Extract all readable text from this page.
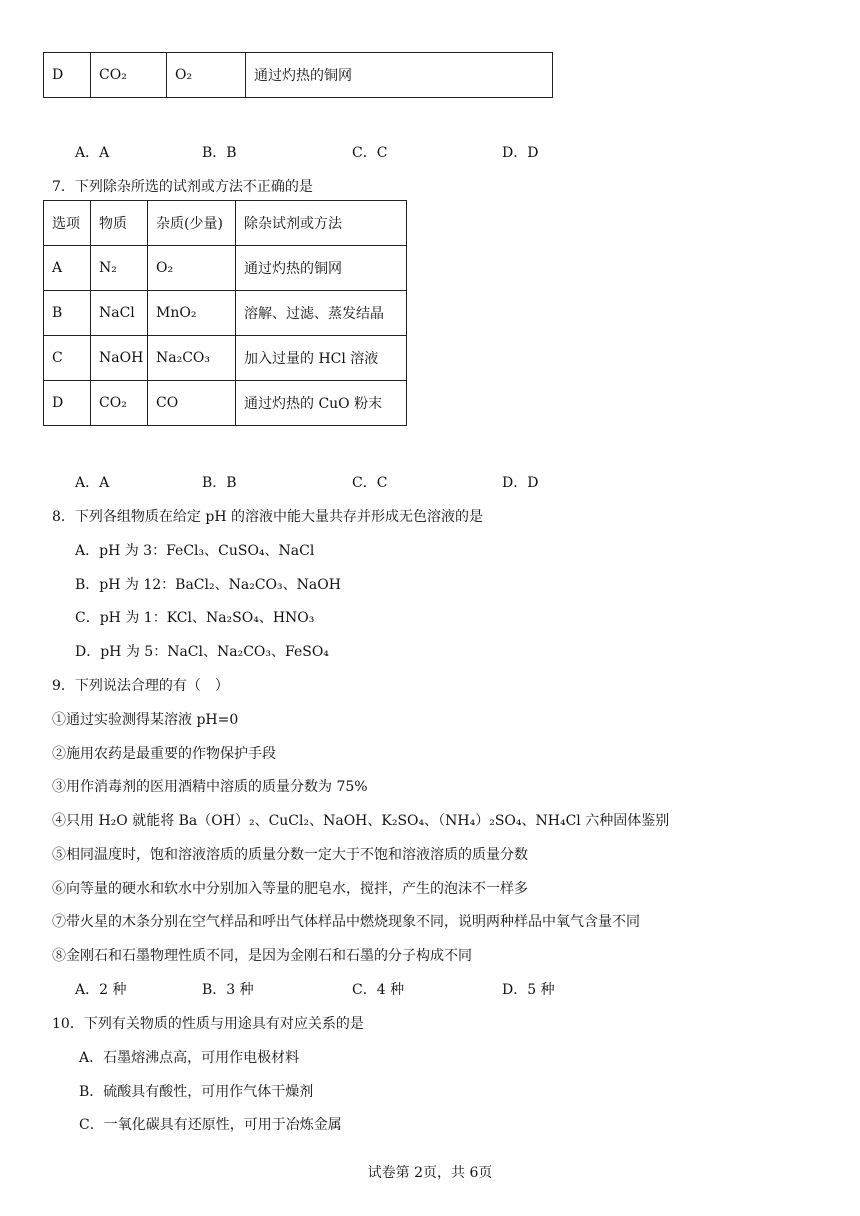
D	CO₂	O₂	通过灼热的铜网
A．A	B．B	C．C	D．D
7．下列除杂所选的试剂或方法不正确的是
选项	物质	杂质(少量)	除杂试剂或方法
A	N₂	O₂	通过灼热的铜网
B	NaCl	MnO₂	溶解、过滤、蒸发结晶
C	NaOH	Na₂CO₃	加入过量的 HCl 溶液
D	CO₂	CO	通过灼热的 CuO 粉末
A．A	B．B	C．C	D．D
8．下列各组物质在给定 pH 的溶液中能大量共存并形成无色溶液的是
A．pH 为 3：FeCl₃、CuSO₄、NaCl
B．pH 为 12：BaCl₂、Na₂CO₃、NaOH
C．pH 为 1：KCl、Na₂SO₄、HNO₃
D．pH 为 5：NaCl、Na₂CO₃、FeSO₄
9．下列说法合理的有（　）
①通过实验测得某溶液 pH=0
②施用农药是最重要的作物保护手段
③用作消毒剂的医用酒精中溶质的质量分数为 75%
④只用 H₂O 就能将 Ba（OH）₂、CuCl₂、NaOH、K₂SO₄、（NH₄）₂SO₄、NH₄Cl 六种固体鉴别
⑤相同温度时，饱和溶液溶质的质量分数一定大于不饱和溶液溶质的质量分数
⑥向等量的硬水和软水中分别加入等量的肥皂水，搅拌，产生的泡沫不一样多
⑦带火星的木条分别在空气样品和呼出气体样品中燃烧现象不同，说明两种样品中氧气含量不同
⑧金刚石和石墨物理性质不同，是因为金刚石和石墨的分子构成不同
A．2 种	B．3 种	C．4 种	D．5 种
10．下列有关物质的性质与用途具有对应关系的是
A．石墨熔沸点高，可用作电极材料
B．硫酸具有酸性，可用作气体干燥剂
C．一氧化碳具有还原性，可用于冶炼金属
试卷第 2页，共 6页
